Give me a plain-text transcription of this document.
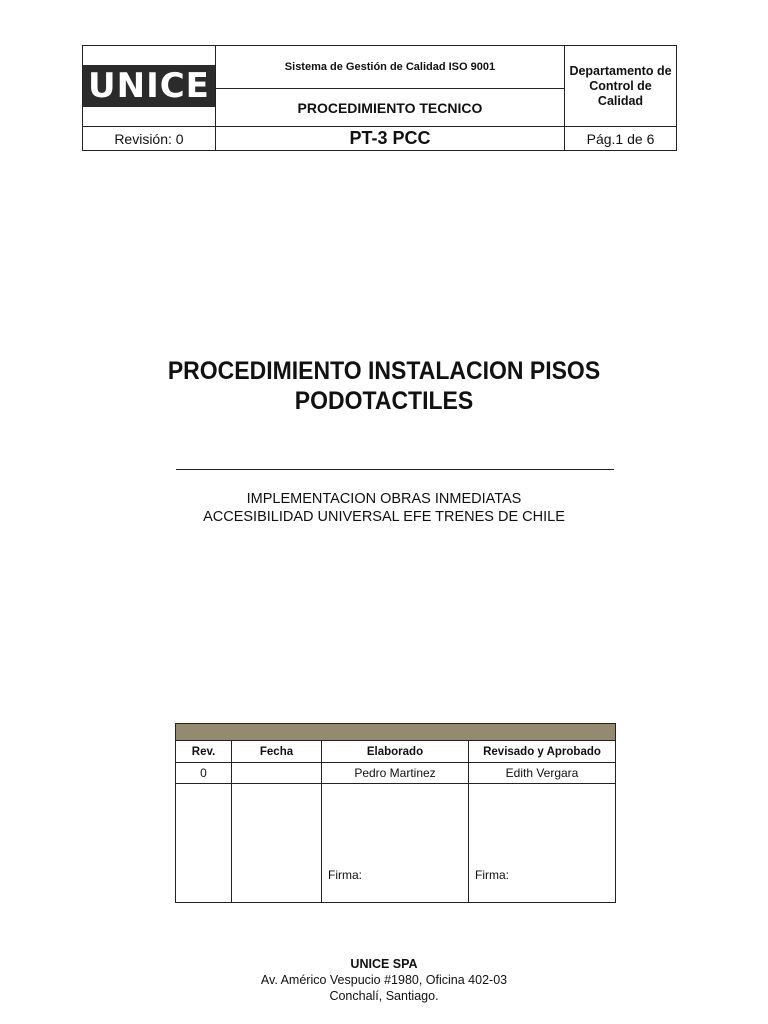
UNICE	Sistema de Gestión de Calidad ISO 9001	Departamento de Control de Calidad
	PROCEDIMIENTO TECNICO	
Revisión: 0	PT-3 PCC	Pág.1 de 6
PROCEDIMIENTO INSTALACION PISOS
PODOTACTILES
IMPLEMENTACION OBRAS INMEDIATAS
ACCESIBILIDAD UNIVERSAL EFE TRENES DE CHILE

Rev.	Fecha	Elaborado	Revisado y Aprobado
0		Pedro Martinez	Edith Vergara
		Firma:	Firma:
UNICE SPA
Av. Américo Vespucio #1980, Oficina 402-03
Conchalí, Santiago.
